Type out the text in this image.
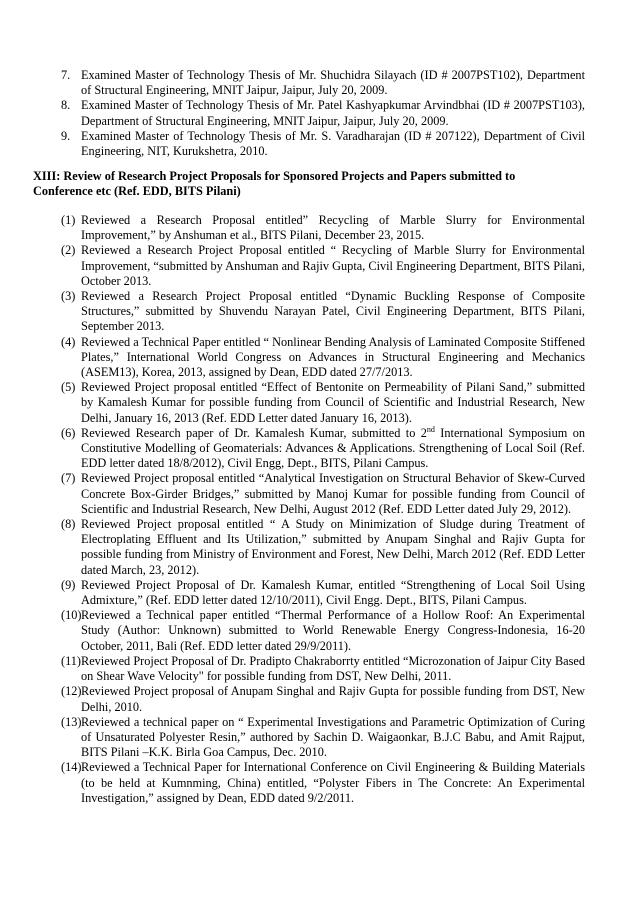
7. Examined Master of Technology Thesis of Mr. Shuchidra Silayach (ID # 2007PST102), Department of Structural Engineering, MNIT Jaipur, Jaipur, July 20, 2009.
8. Examined Master of Technology Thesis of Mr. Patel Kashyapkumar Arvindbhai (ID # 2007PST103), Department of Structural Engineering, MNIT Jaipur, Jaipur, July 20, 2009.
9. Examined Master of Technology Thesis of Mr. S. Varadharajan (ID # 207122), Department of Civil Engineering, NIT, Kurukshetra, 2010.

XIII: Review of Research Project Proposals for Sponsored Projects and Papers submitted to Conference etc (Ref. EDD, BITS Pilani)

(1) Reviewed a Research Proposal entitled” Recycling of Marble Slurry for Environmental Improvement,” by Anshuman et al., BITS Pilani, December 23, 2015.
(2) Reviewed a Research Project Proposal entitled “ Recycling of Marble Slurry for Environmental Improvement, “submitted by Anshuman and Rajiv Gupta, Civil Engineering Department, BITS Pilani, October 2013.
(3) Reviewed a Research Project Proposal entitled “Dynamic Buckling Response of Composite Structures,” submitted by Shuvendu Narayan Patel, Civil Engineering Department, BITS Pilani, September 2013.
(4) Reviewed a Technical Paper entitled “ Nonlinear Bending Analysis of Laminated Composite Stiffened Plates,” International World Congress on Advances in Structural Engineering and Mechanics (ASEM13), Korea, 2013, assigned by Dean, EDD dated 27/7/2013.
(5) Reviewed Project proposal entitled “Effect of Bentonite on Permeability of Pilani Sand,” submitted by Kamalesh Kumar for possible funding from Council of Scientific and Industrial Research, New Delhi, January 16, 2013 (Ref. EDD Letter dated January 16, 2013).
(6) Reviewed Research paper of Dr. Kamalesh Kumar, submitted to 2nd International Symposium on Constitutive Modelling of Geomaterials: Advances & Applications. Strengthening of Local Soil (Ref. EDD letter dated 18/8/2012), Civil Engg, Dept., BITS, Pilani Campus.
(7) Reviewed Project proposal entitled “Analytical Investigation on Structural Behavior of Skew-Curved Concrete Box-Girder Bridges,” submitted by Manoj Kumar for possible funding from Council of Scientific and Industrial Research, New Delhi, August 2012 (Ref. EDD Letter dated July 29, 2012).
(8) Reviewed Project proposal entitled “ A Study on Minimization of Sludge during Treatment of Electroplating Effluent and Its Utilization,” submitted by Anupam Singhal and Rajiv Gupta for possible funding from Ministry of Environment and Forest, New Delhi, March 2012 (Ref. EDD Letter dated March, 23, 2012).
(9) Reviewed Project Proposal of Dr. Kamalesh Kumar, entitled “Strengthening of Local Soil Using Admixture,” (Ref. EDD letter dated 12/10/2011), Civil Engg. Dept., BITS, Pilani Campus.
(10) Reviewed a Technical paper entitled “Thermal Performance of a Hollow Roof: An Experimental Study (Author: Unknown) submitted to World Renewable Energy Congress-Indonesia, 16-20 October, 2011, Bali (Ref. EDD letter dated 29/9/2011).
(11) Reviewed Project Proposal of Dr. Pradipto Chakraborrty entitled “Microzonation of Jaipur City Based on Shear Wave Velocity" for possible funding from DST, New Delhi, 2011.
(12) Reviewed Project proposal of Anupam Singhal and Rajiv Gupta for possible funding from DST, New Delhi, 2010.
(13) Reviewed a technical paper on “ Experimental Investigations and Parametric Optimization of Curing of Unsaturated Polyester Resin,” authored by Sachin D. Waigaonkar, B.J.C Babu, and Amit Rajput, BITS Pilani –K.K. Birla Goa Campus, Dec. 2010.
(14) Reviewed a Technical Paper for International Conference on Civil Engineering & Building Materials (to be held at Kumnming, China) entitled, “Polyster Fibers in The Concrete: An Experimental Investigation,” assigned by Dean, EDD dated 9/2/2011.
